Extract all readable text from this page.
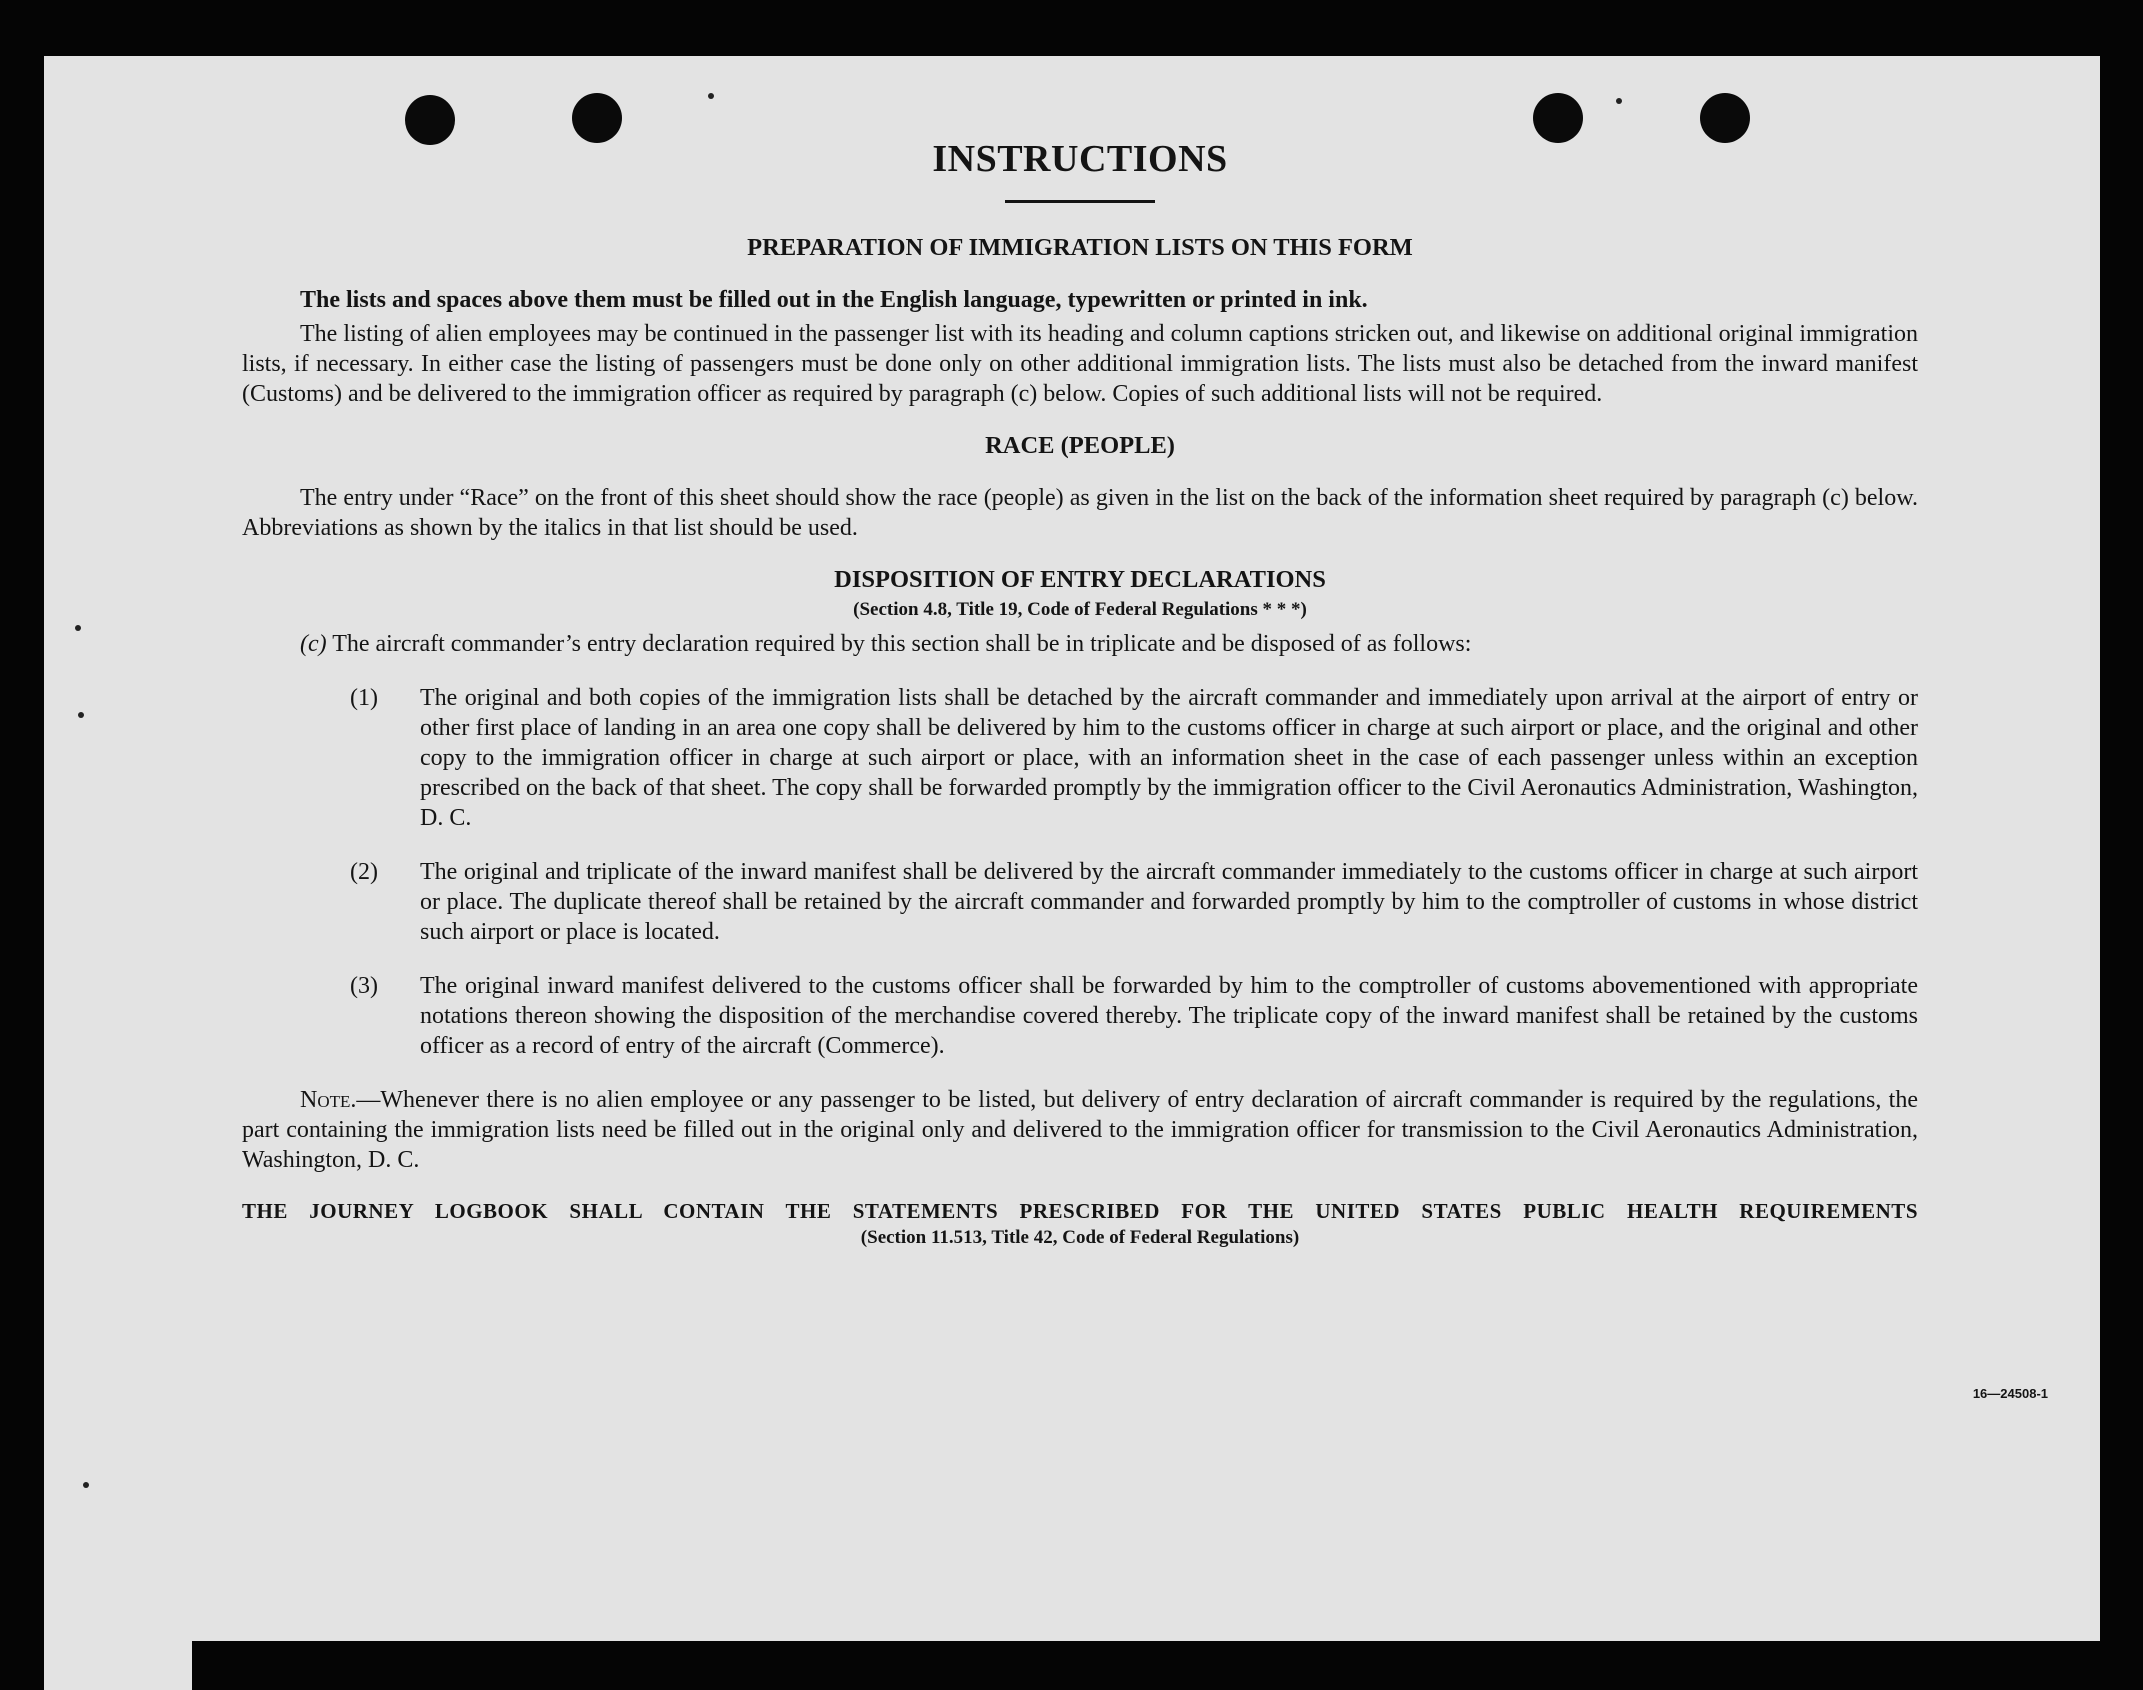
INSTRUCTIONS
PREPARATION OF IMMIGRATION LISTS ON THIS FORM

The lists and spaces above them must be filled out in the English language, typewritten or printed in ink.

The listing of alien employees may be continued in the passenger list with its heading and column captions stricken out, and likewise on additional original immigration lists, if necessary. In either case the listing of passengers must be done only on other additional immigration lists. The lists must also be detached from the inward manifest (Customs) and be delivered to the immigration officer as required by paragraph (c) below. Copies of such additional lists will not be required.

RACE (PEOPLE)

The entry under “Race” on the front of this sheet should show the race (people) as given in the list on the back of the information sheet required by paragraph (c) below. Abbreviations as shown by the italics in that list should be used.

DISPOSITION OF ENTRY DECLARATIONS
(Section 4.8, Title 19, Code of Federal Regulations * * *)
(c) The aircraft commander’s entry declaration required by this section shall be in triplicate and be disposed of as follows:
(1) The original and both copies of the immigration lists shall be detached by the aircraft commander and immediately upon arrival at the airport of entry or other first place of landing in an area one copy shall be delivered by him to the customs officer in charge at such airport or place, and the original and other copy to the immigration officer in charge at such airport or place, with an information sheet in the case of each passenger unless within an exception prescribed on the back of that sheet. The copy shall be forwarded promptly by the immigration officer to the Civil Aeronautics Administration, Washington, D. C.
(2) The original and triplicate of the inward manifest shall be delivered by the aircraft commander immediately to the customs officer in charge at such airport or place. The duplicate thereof shall be retained by the aircraft commander and forwarded promptly by him to the comptroller of customs in whose district such airport or place is located.
(3) The original inward manifest delivered to the customs officer shall be forwarded by him to the comptroller of customs abovementioned with appropriate notations thereon showing the disposition of the merchandise covered thereby. The triplicate copy of the inward manifest shall be retained by the customs officer as a record of entry of the aircraft (Commerce).

Note.—Whenever there is no alien employee or any passenger to be listed, but delivery of entry declaration of aircraft commander is required by the regulations, the part containing the immigration lists need be filled out in the original only and delivered to the immigration officer for transmission to the Civil Aeronautics Administration, Washington, D. C.

THE JOURNEY LOGBOOK SHALL CONTAIN THE STATEMENTS PRESCRIBED FOR THE UNITED STATES PUBLIC HEALTH REQUIREMENTS
(Section 11.513, Title 42, Code of Federal Regulations)
16—24508-1
